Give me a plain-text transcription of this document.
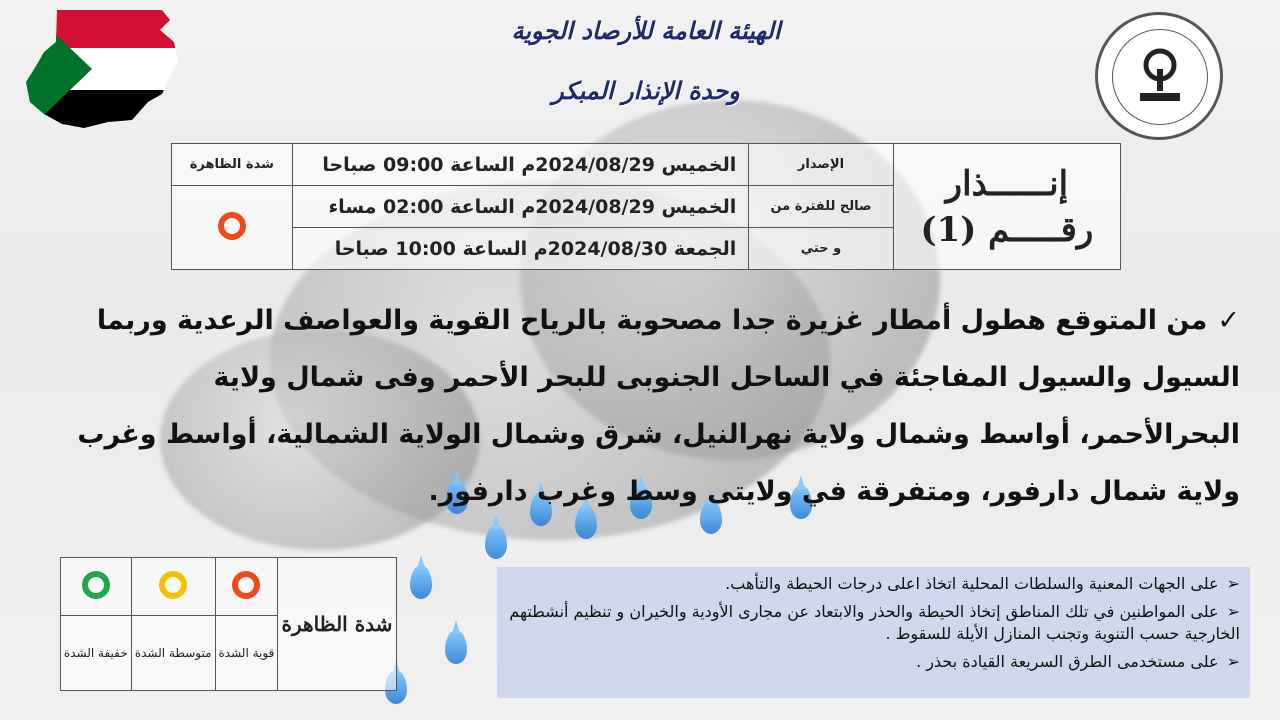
الهيئة العامة للأرصاد الجوية
وحدة الإنذار المبكر
إنــــــذار
رقـــــم (1)	الإصدار	الخميس 2024/08/29م الساعة 09:00 صباحا	شدة الظاهرة
	صالح للفترة من	الخميس 2024/08/29م الساعة 02:00 مساء	
	و حتي	الجمعة 2024/08/30م الساعة 10:00 صباحا	
✓من المتوقع هطول أمطار غزيرة جدا مصحوبة بالرياح القوية والعواصف الرعدية وربما السيول والسيول المفاجئة في الساحل الجنوبى للبحر الأحمر وفى شمال ولاية البحرالأحمر، أواسط وشمال ولاية نهرالنيل، شرق وشمال الولاية الشمالية، أواسط وغرب ولاية شمال دارفور، ومتفرقة في ولايتى وسط وغرب دارفور.
شدة الظاهرة			
	قوية الشدة	متوسطة الشدة	خفيفة الشدة
➢على الجهات المعنية والسلطات المحلية اتخاذ اعلى درجات الحيطة والتأهب.
➢على المواطنين في تلك المناطق إتخاذ الحيطة والحذر والابتعاد عن مجارى الأودية والخيران و تنظيم أنشطتهم الخارجية حسب التنوية وتجنب المنازل الأيلة للسقوط .
➢على مستخدمى الطرق السريعة القيادة بحذر .
